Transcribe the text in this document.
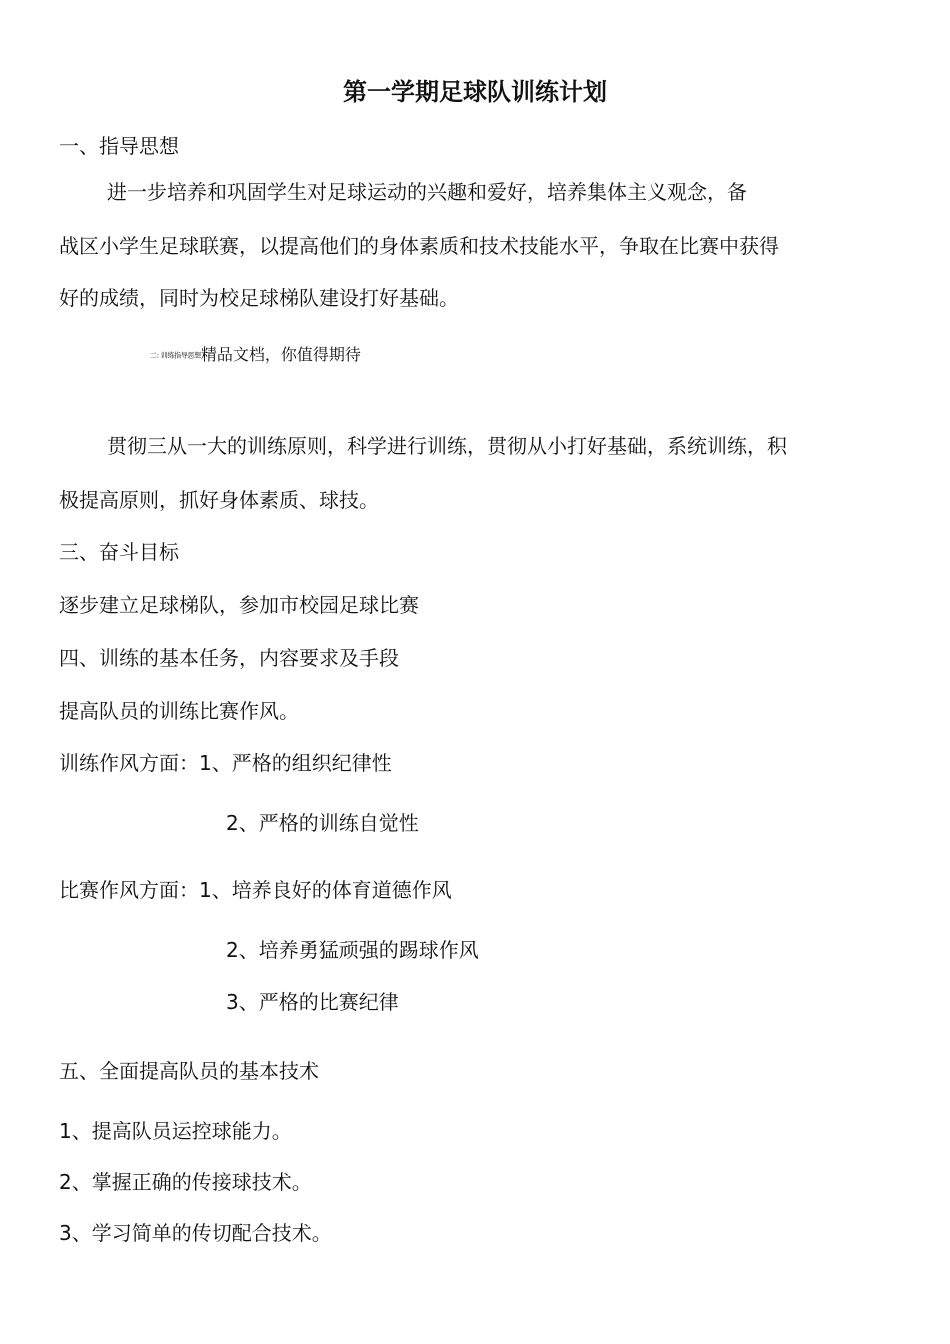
第一学期足球队训练计划
一、指导思想
进一步培养和巩固学生对足球运动的兴趣和爱好，培养集体主义观念，备
战区小学生足球联赛，以提高他们的身体素质和技术技能水平，争取在比赛中获得
好的成绩，同时为校足球梯队建设打好基础。
二: 训练指导思想精品文档，你值得期待
贯彻三从一大的训练原则，科学进行训练，贯彻从小打好基础，系统训练，积
极提高原则，抓好身体素质、球技。
三、奋斗目标
逐步建立足球梯队，参加市校园足球比赛
四、训练的基本任务，内容要求及手段
提高队员的训练比赛作风。
训练作风方面：1、严格的组织纪律性
2、严格的训练自觉性
比赛作风方面：1、培养良好的体育道德作风
2、培养勇猛顽强的踢球作风
3、严格的比赛纪律
五、全面提高队员的基本技术
1、提高队员运控球能力。
2、掌握正确的传接球技术。
3、学习简单的传切配合技术。
